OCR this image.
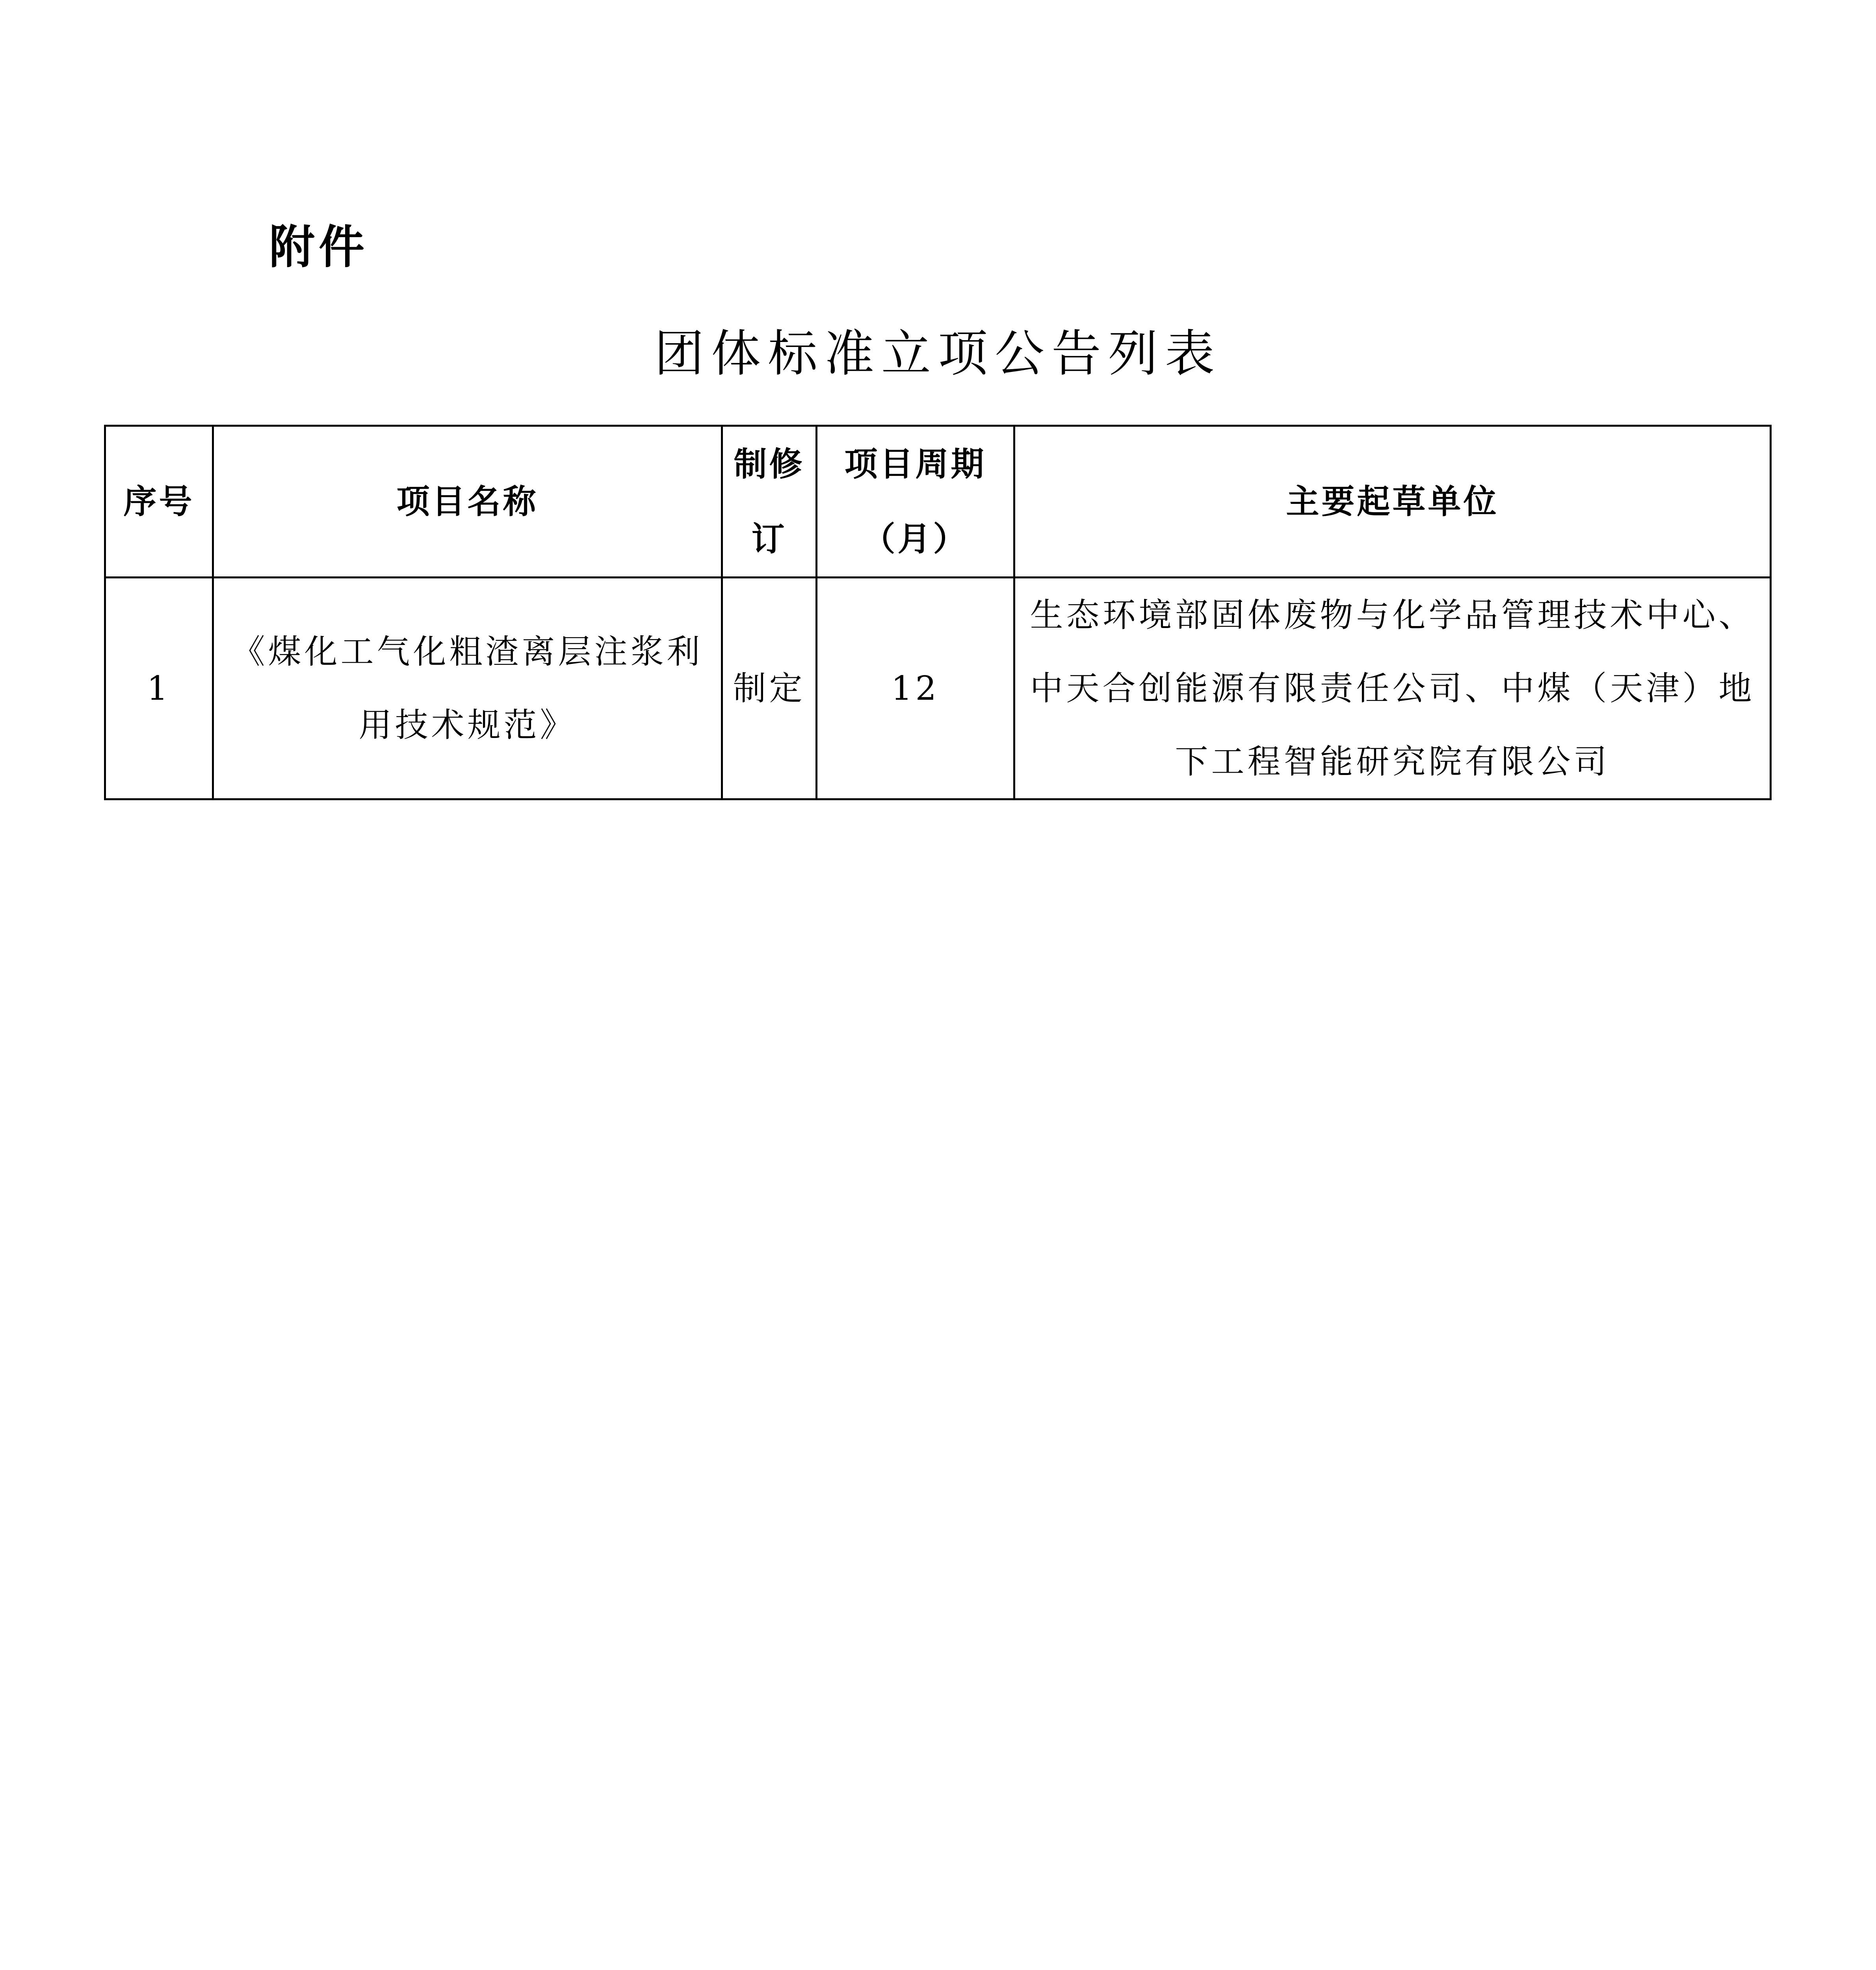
附件
团体标准立项公告列表
序号	项目名称	制修订	项目周期（月）	主要起草单位
1	《煤化工气化粗渣离层注浆利用技术规范》	制定	12	生态环境部固体废物与化学品管理技术中心、中天合创能源有限责任公司、中煤（天津）地下工程智能研究院有限公司
